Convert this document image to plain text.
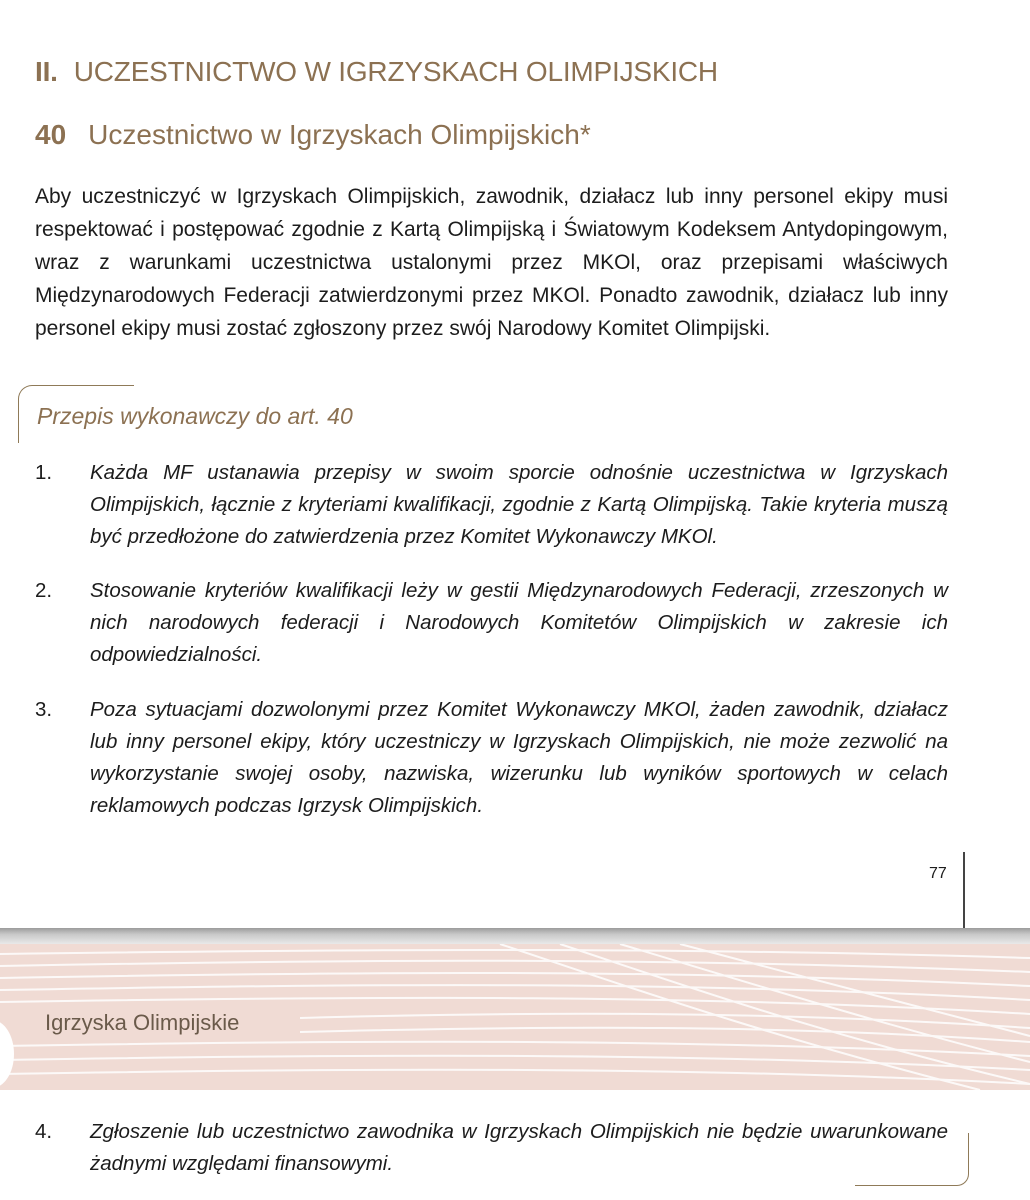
II. UCZESTNICTWO W IGRZYSKACH OLIMPIJSKICH
40 Uczestnictwo w Igrzyskach Olimpijskich*

Aby uczestniczyć w Igrzyskach Olimpijskich, zawodnik, działacz lub inny personel ekipy musi respektować i postępować zgodnie z Kartą Olimpijską i Światowym Kodeksem Antydopingowym, wraz z warunkami uczestnictwa ustalonymi przez MKOl, oraz przepisami właściwych Międzynarodowych Federacji zatwierdzonymi przez MKOl. Ponadto zawodnik, działacz lub inny personel ekipy musi zostać zgłoszony przez swój Narodowy Komitet Olimpijski.

Przepis wykonawczy do art. 40
1. Każda MF ustanawia przepisy w swoim sporcie odnośnie uczestnictwa w Igrzyskach Olimpijskich, łącznie z kryteriami kwalifikacji, zgodnie z Kartą Olimpijską. Takie kryteria muszą być przedłożone do zatwierdzenia przez Komitet Wykonawczy MKOl.
2. Stosowanie kryteriów kwalifikacji leży w gestii Międzynarodowych Federacji, zrzeszonych w nich narodowych federacji i Narodowych Komitetów Olimpijskich w zakresie ich odpowiedzialności.
3. Poza sytuacjami dozwolonymi przez Komitet Wykonawczy MKOl, żaden zawodnik, działacz lub inny personel ekipy, który uczestniczy w Igrzyskach Olimpijskich, nie może zezwolić na wykorzystanie swojej osoby, nazwiska, wizerunku lub wyników sportowych w celach reklamowych podczas Igrzysk Olimpijskich.
77
Igrzyska Olimpijskie
4. Zgłoszenie lub uczestnictwo zawodnika w Igrzyskach Olimpijskich nie będzie uwarunkowane żadnymi względami finansowymi.
